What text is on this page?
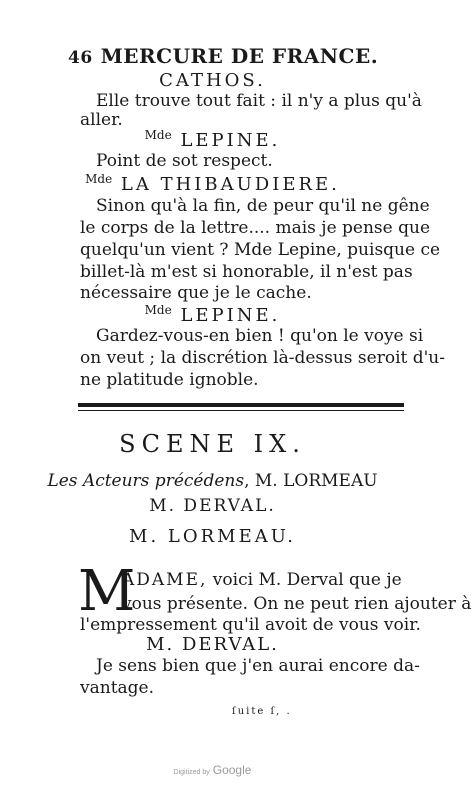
46 MERCURE DE FRANCE.
CATHOS.
Elle trouve tout fait : il n'y a plus qu'à
aller.
$^{Mde}$ LEPINE.
Point de sot respect.
$^{Mde}$ LA THIBAUDIERE.
Sinon qu'à la fin, de peur qu'il ne gêne
le corps de la lettre.... mais je pense que
quelqu'un vient ? Mde Lepine, puisque ce
billet-là m'est si honorable, il n'est pas
nécessaire que je le cache.
$^{Mde}$ LEPINE.
Gardez-vous-en bien ! qu'on le voye si
on veut ; la discrétion là-dessus seroit d'u-
ne platitude ignoble.
SCENE IX.
Les Acteurs précédens, M. LORMEAU
M. DERVAL.
M. LORMEAU.
M
ADAME, voici M. Derval que je
vous présente. On ne peut rien ajouter à
l'empressement qu'il avoit de vous voir.
M. DERVAL.
Je sens bien que j'en aurai encore da-
vantage.
ſuite ſ, .
Digitized by Google
